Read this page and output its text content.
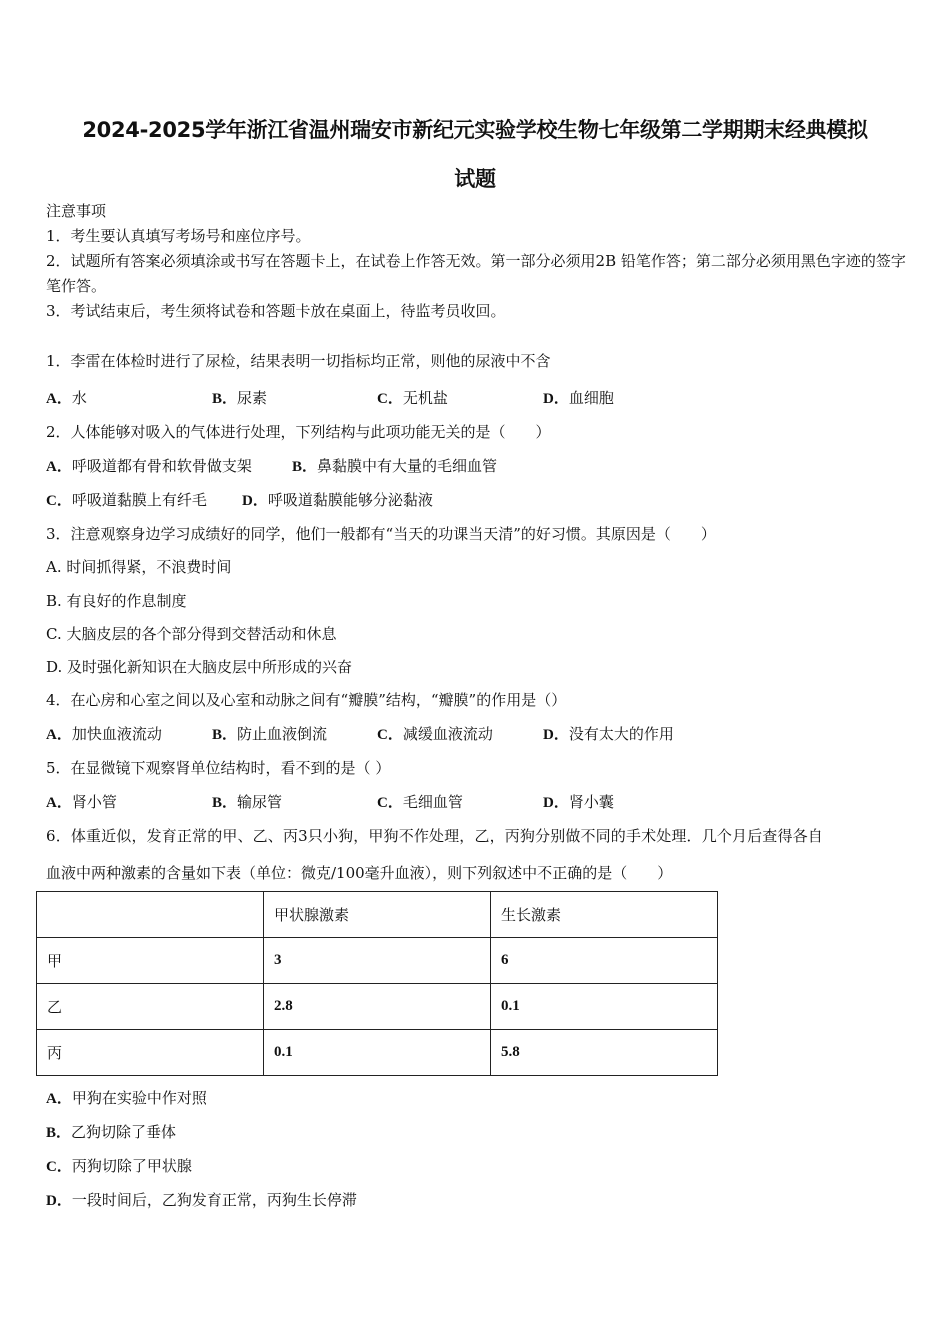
2024-2025学年浙江省温州瑞安市新纪元实验学校生物七年级第二学期期末经典模拟
试题
注意事项
1．考生要认真填写考场号和座位序号。
2．试题所有答案必须填涂或书写在答题卡上，在试卷上作答无效。第一部分必须用2B 铅笔作答；第二部分必须用黑色字迹的签字笔作答。
3．考试结束后，考生须将试卷和答题卡放在桌面上，待监考员收回。
1．李雷在体检时进行了尿检，结果表明一切指标均正常，则他的尿液中不含
A．水	B．尿素	C．无机盐	D．血细胞
2．人体能够对吸入的气体进行处理，下列结构与此项功能无关的是（　　）
A．呼吸道都有骨和软骨做支架	B．鼻黏膜中有大量的毛细血管
C．呼吸道黏膜上有纤毛 D．呼吸道黏膜能够分泌黏液
3．注意观察身边学习成绩好的同学，他们一般都有“当天的功课当天清”的好习惯。其原因是（　　）
A. 时间抓得紧，不浪费时间
B. 有良好的作息制度
C. 大脑皮层的各个部分得到交替活动和休息
D. 及时强化新知识在大脑皮层中所形成的兴奋
4．在心房和心室之间以及心室和动脉之间有“瓣膜”结构，“瓣膜”的作用是（）
A．加快血液流动	B．防止血液倒流	C．减缓血液流动	D．没有太大的作用
5．在显微镜下观察肾单位结构时，看不到的是（ ）
A．肾小管	B．输尿管	C．毛细血管	D．肾小囊
6．体重近似，发育正常的甲、乙、丙3只小狗，甲狗不作处理，乙，丙狗分别做不同的手术处理．几个月后查得各自
血液中两种激素的含量如下表（单位：微克/100毫升血液），则下列叙述中不正确的是（　　）
	甲状腺激素	生长激素
甲	3	6
乙	2.8	0.1
丙	0.1	5.8
A．甲狗在实验中作对照
B．乙狗切除了垂体
C．丙狗切除了甲状腺
D．一段时间后，乙狗发育正常，丙狗生长停滞
